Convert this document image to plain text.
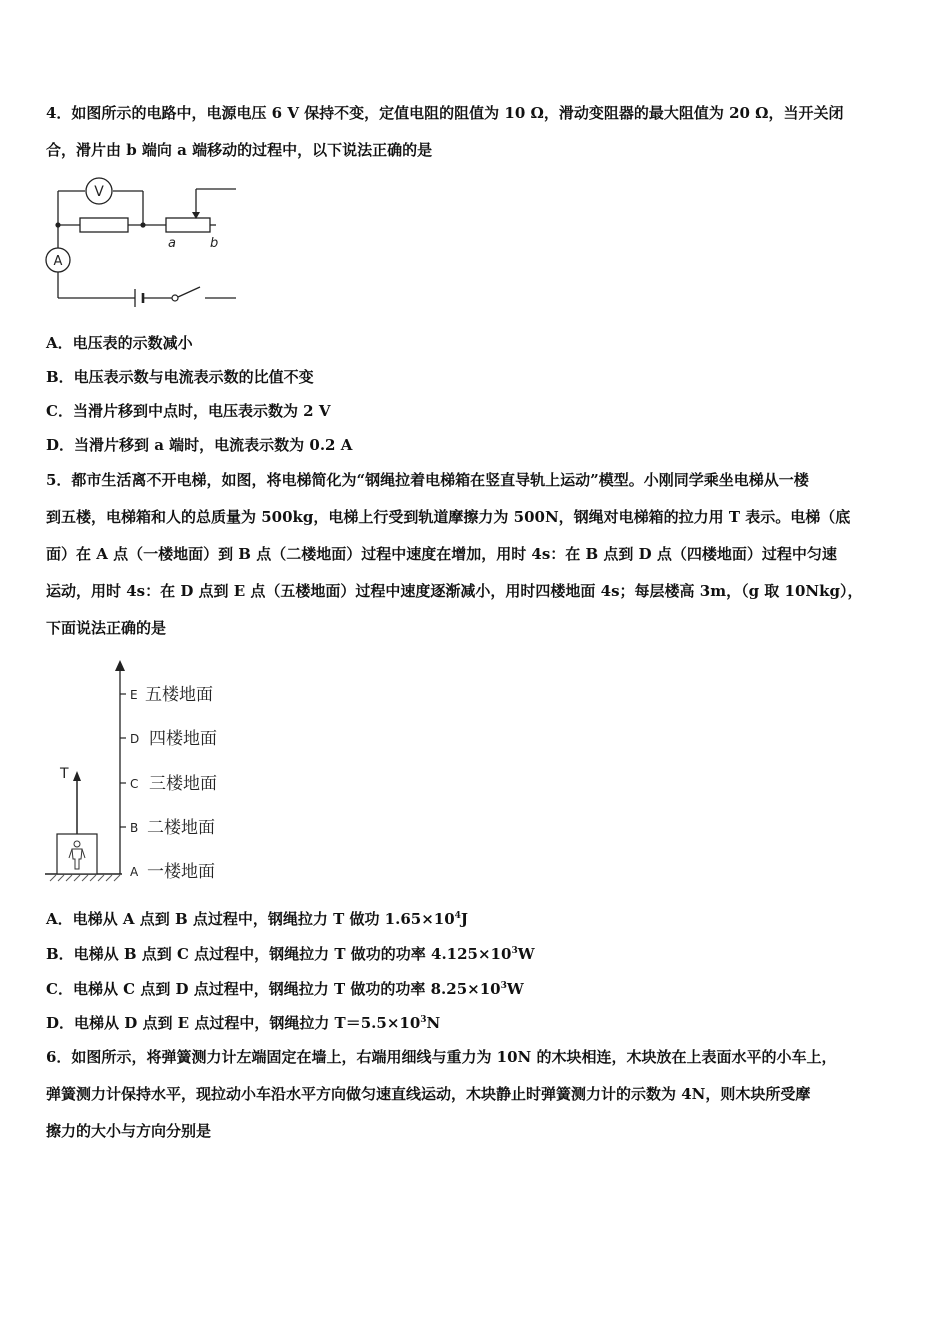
4．如图所示的电路中，电源电压 6 V 保持不变，定值电阻的阻值为 10 Ω，滑动变阻器的最大阻值为 20 Ω，当开关闭
合，滑片由 b 端向 a 端移动的过程中，以下说法正确的是
V
A
a	b
A．电压表的示数减小
B．电压表示数与电流表示数的比值不变
C．当滑片移到中点时，电压表示数为 2 V
D．当滑片移到 a 端时，电流表示数为 0.2 A
5．都市生活离不开电梯，如图，将电梯简化为“钢绳拉着电梯箱在竖直导轨上运动”模型。小刚同学乘坐电梯从一楼
到五楼，电梯箱和人的总质量为 500kg，电梯上行受到轨道摩擦力为 500N，钢绳对电梯箱的拉力用 T 表示。电梯（底
面）在 A 点（一楼地面）到 B 点（二楼地面）过程中速度在增加，用时 4s：在 B 点到 D 点（四楼地面）过程中匀速
运动，用时 4s：在 D 点到 E 点（五楼地面）过程中速度逐渐减小，用时四楼地面 4s；每层楼高 3m，（g 取 10Nkg），
下面说法正确的是
T
E 五楼地面
D 四楼地面
C 三楼地面
B 二楼地面
A 一楼地面
A．电梯从 A 点到 B 点过程中，钢绳拉力 T 做功 $1.65\times 10^4J$
B．电梯从 B 点到 C 点过程中，钢绳拉力 T 做功的功率 $4.125\times 10^3W$
C．电梯从 C 点到 D 点过程中，钢绳拉力 T 做功的功率 $8.25\times 10^3W$
D．电梯从 D 点到 E 点过程中，钢绳拉力 $T=5.5\times 10^3N$
6．如图所示，将弹簧测力计左端固定在墙上，右端用细线与重力为 10N 的木块相连，木块放在上表面水平的小车上，
弹簧测力计保持水平，现拉动小车沿水平方向做匀速直线运动，木块静止时弹簧测力计的示数为 4N，则木块所受摩
擦力的大小与方向分别是
